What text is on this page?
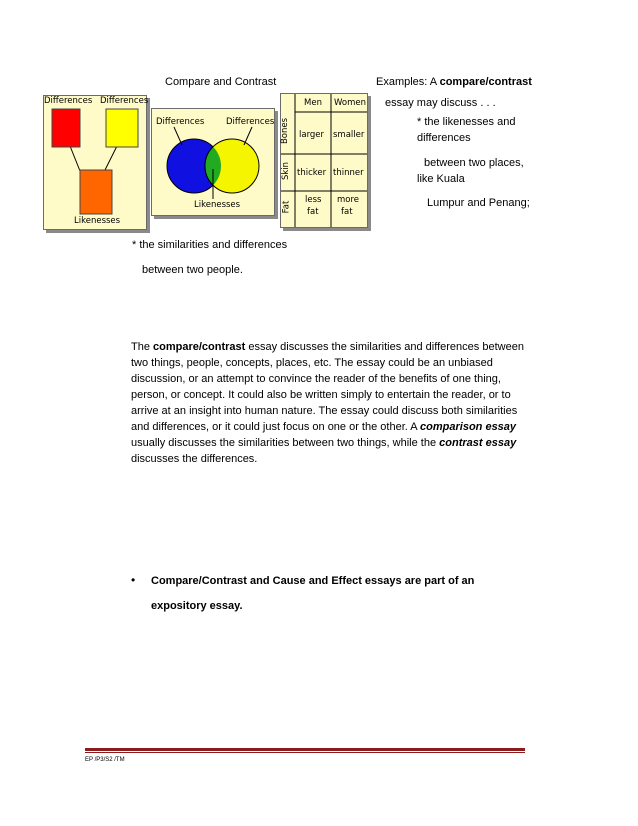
Compare and Contrast	Examples: A compare/contrast
essay may discuss . . .
* the likenesses and
differences
between two places,
like Kuala
Lumpur and Penang;
* the similarities and differences
between two people.
Differences Differences
Likenesses
Differences	Differences
Likenesses
Men Women
Bones
Skin
Fat
larger smaller
thicker thinner
less
fat
more
fat
The compare/contrast essay discusses the similarities and differences between
two things, people, concepts, places, etc. The essay could be an unbiased
discussion, or an attempt to convince the reader of the benefits of one thing,
person, or concept. It could also be written simply to entertain the reader, or to
arrive at an insight into human nature. The essay could discuss both similarities
and differences, or it could just focus on one or the other. A comparison essay
usually discusses the similarities between two things, while the contrast essay
discusses the differences.
• Compare/Contrast and Cause and Effect essays are part of an
expository essay.
EP /P3/S2 /TM
